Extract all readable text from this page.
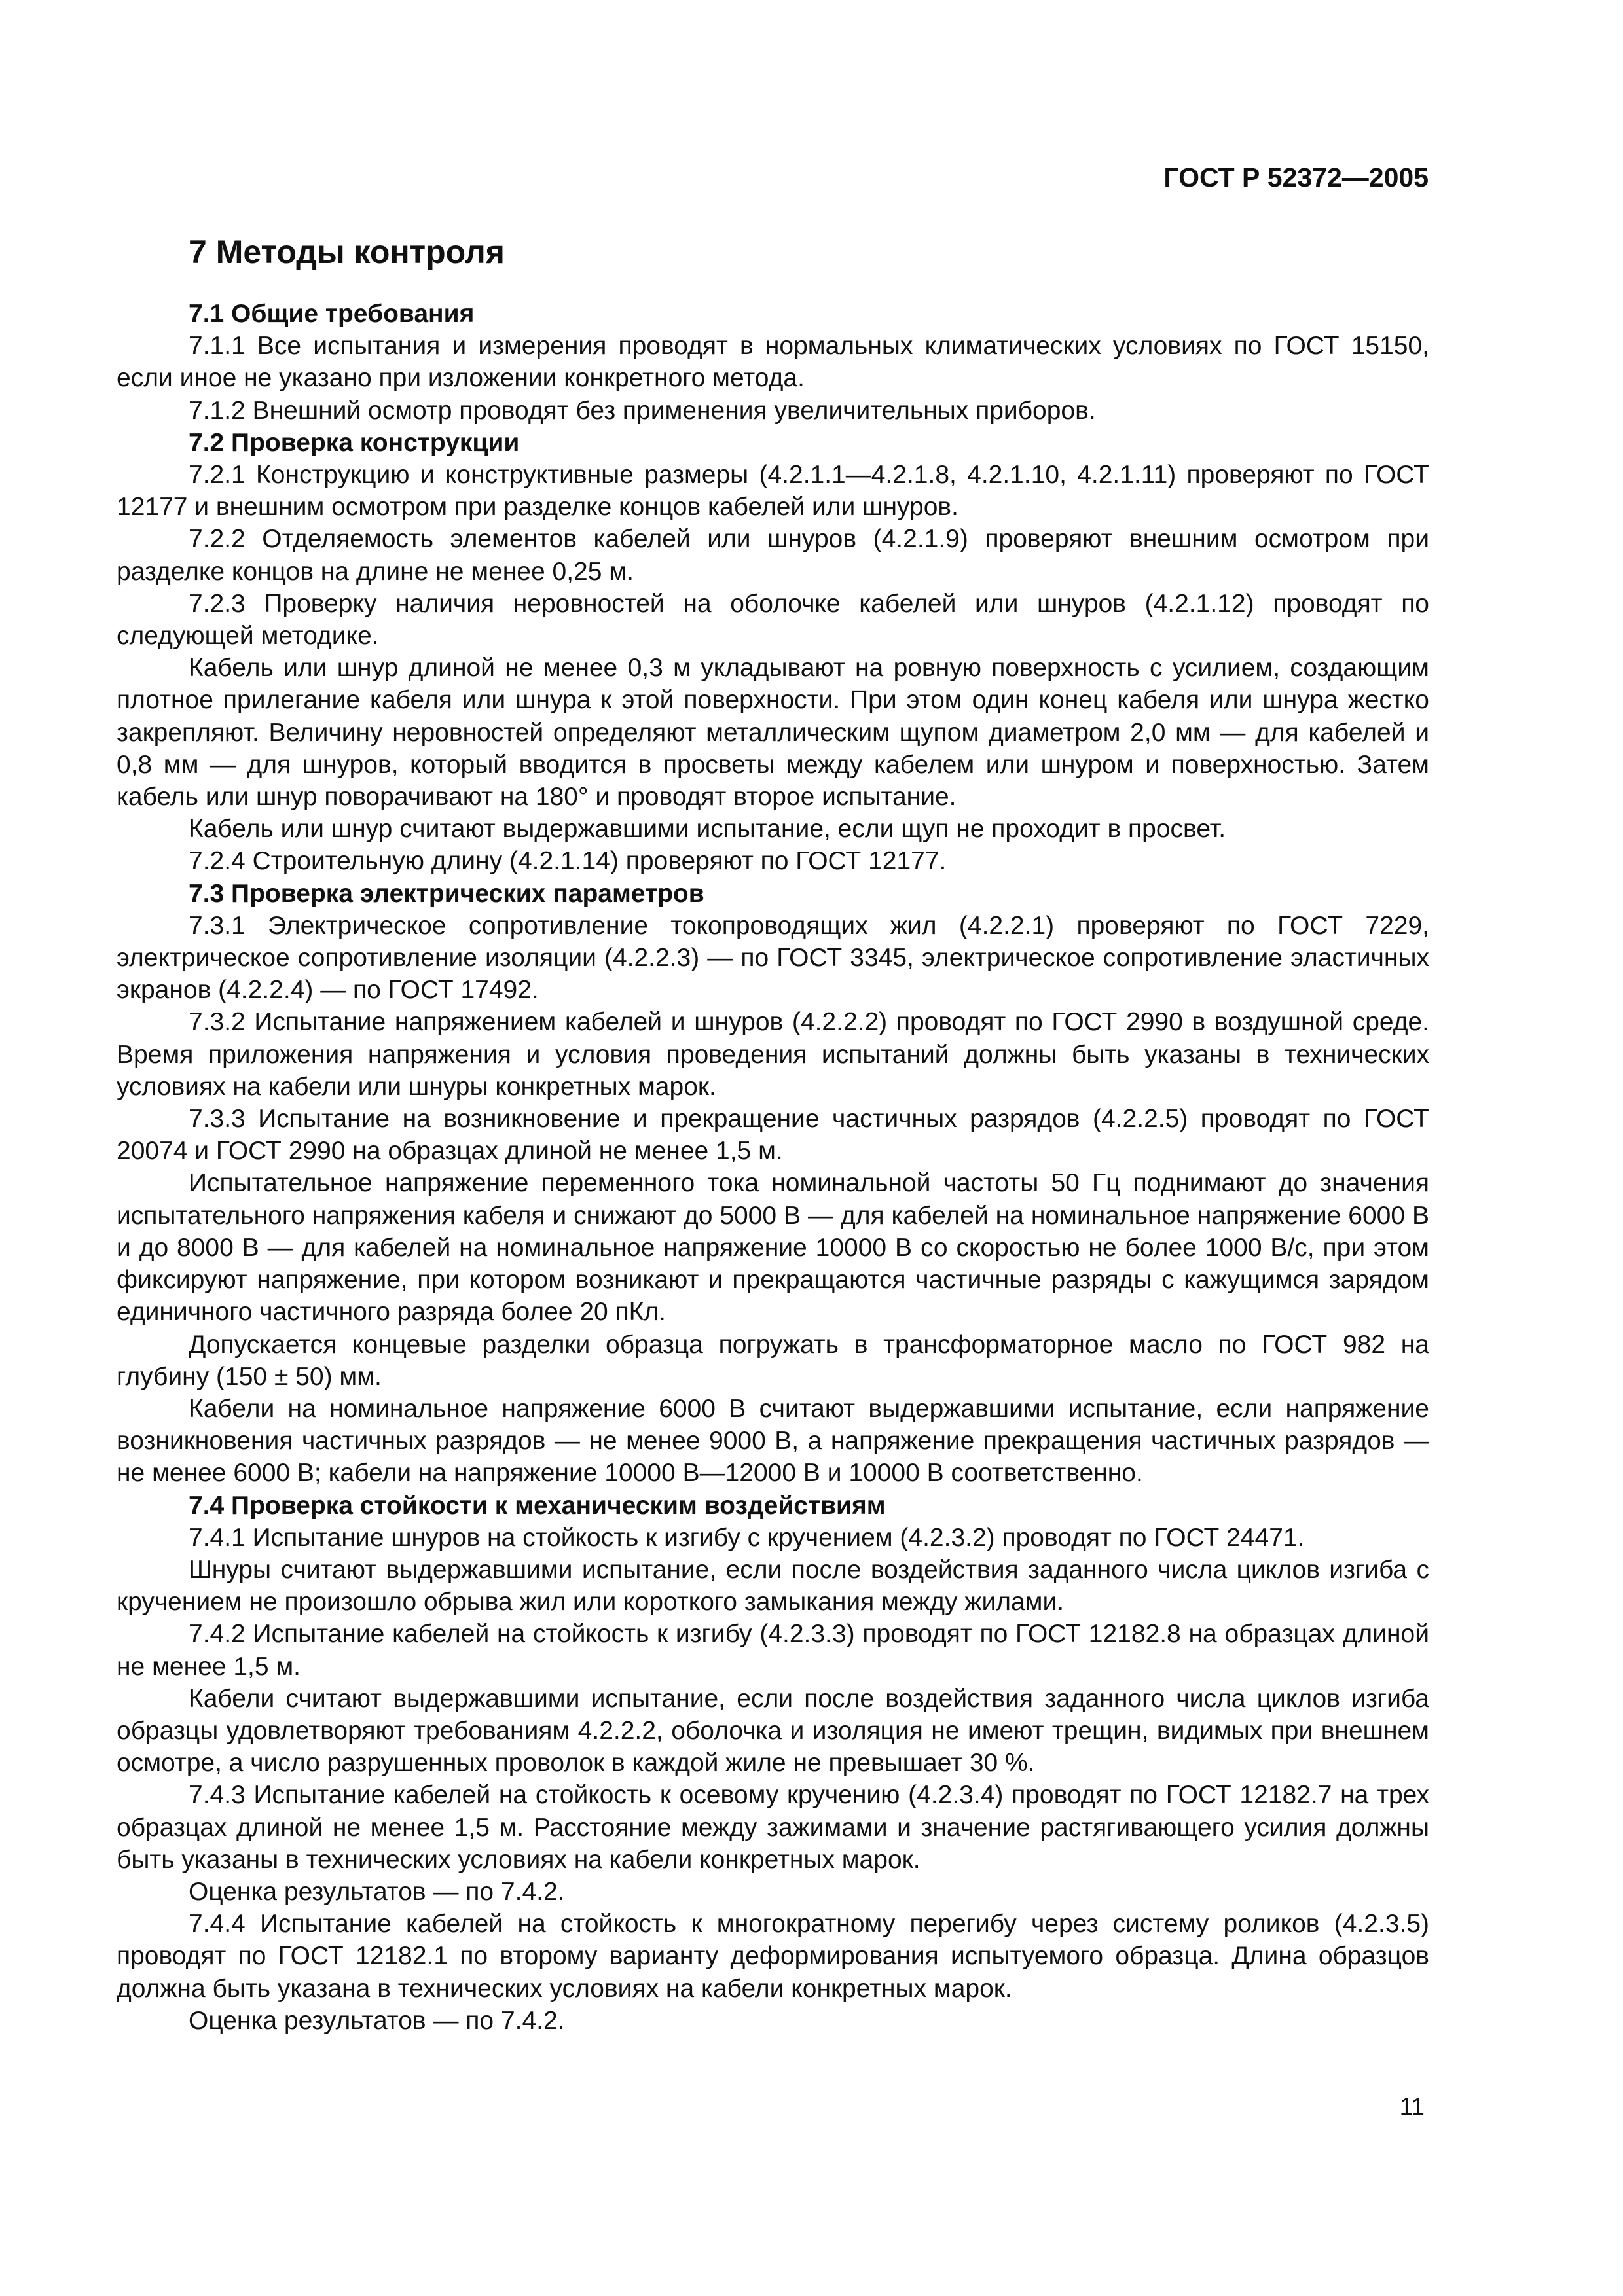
ГОСТ Р 52372—2005
7 Методы контроля

7.1 Общие требования

7.1.1 Все испытания и измерения проводят в нормальных климатических условиях по ГОСТ 15150, если иное не указано при изложении конкретного метода.

7.1.2 Внешний осмотр проводят без применения увеличительных приборов.

7.2 Проверка конструкции

7.2.1 Конструкцию и конструктивные размеры (4.2.1.1—4.2.1.8, 4.2.1.10, 4.2.1.11) проверяют по ГОСТ 12177 и внешним осмотром при разделке концов кабелей или шнуров.

7.2.2 Отделяемость элементов кабелей или шнуров (4.2.1.9) проверяют внешним осмотром при разделке концов на длине не менее 0,25 м.

7.2.3 Проверку наличия неровностей на оболочке кабелей или шнуров (4.2.1.12) проводят по следующей методике.

Кабель или шнур длиной не менее 0,3 м укладывают на ровную поверхность с усилием, создающим плотное прилегание кабеля или шнура к этой поверхности. При этом один конец кабеля или шнура жестко закрепляют. Величину неровностей определяют металлическим щупом диаметром 2,0 мм — для кабелей и 0,8 мм — для шнуров, который вводится в просветы между кабелем или шнуром и поверхностью. Затем кабель или шнур поворачивают на 180° и проводят второе испытание.

Кабель или шнур считают выдержавшими испытание, если щуп не проходит в просвет.

7.2.4 Строительную длину (4.2.1.14) проверяют по ГОСТ 12177.

7.3 Проверка электрических параметров

7.3.1 Электрическое сопротивление токопроводящих жил (4.2.2.1) проверяют по ГОСТ 7229, электрическое сопротивление изоляции (4.2.2.3) — по ГОСТ 3345, электрическое сопротивление эластичных экранов (4.2.2.4) — по ГОСТ 17492.

7.3.2 Испытание напряжением кабелей и шнуров (4.2.2.2) проводят по ГОСТ 2990 в воздушной среде. Время приложения напряжения и условия проведения испытаний должны быть указаны в технических условиях на кабели или шнуры конкретных марок.

7.3.3 Испытание на возникновение и прекращение частичных разрядов (4.2.2.5) проводят по ГОСТ 20074 и ГОСТ 2990 на образцах длиной не менее 1,5 м.

Испытательное напряжение переменного тока номинальной частоты 50 Гц поднимают до значения испытательного напряжения кабеля и снижают до 5000 В — для кабелей на номинальное напряжение 6000 В и до 8000 В — для кабелей на номинальное напряжение 10000 В со скоростью не более 1000 В/с, при этом фиксируют напряжение, при котором возникают и прекращаются частичные разряды с кажущимся зарядом единичного частичного разряда более 20 пКл.

Допускается концевые разделки образца погружать в трансформаторное масло по ГОСТ 982 на глубину (150 ± 50) мм.

Кабели на номинальное напряжение 6000 В считают выдержавшими испытание, если напряжение возникновения частичных разрядов — не менее 9000 В, а напряжение прекращения частичных разрядов — не менее 6000 В; кабели на напряжение 10000 В—12000 В и 10000 В соответственно.

7.4 Проверка стойкости к механическим воздействиям

7.4.1 Испытание шнуров на стойкость к изгибу с кручением (4.2.3.2) проводят по ГОСТ 24471.

Шнуры считают выдержавшими испытание, если после воздействия заданного числа циклов изгиба с кручением не произошло обрыва жил или короткого замыкания между жилами.

7.4.2 Испытание кабелей на стойкость к изгибу (4.2.3.3) проводят по ГОСТ 12182.8 на образцах длиной не менее 1,5 м.

Кабели считают выдержавшими испытание, если после воздействия заданного числа циклов изгиба образцы удовлетворяют требованиям 4.2.2.2, оболочка и изоляция не имеют трещин, видимых при внешнем осмотре, а число разрушенных проволок в каждой жиле не превышает 30 %.

7.4.3 Испытание кабелей на стойкость к осевому кручению (4.2.3.4) проводят по ГОСТ 12182.7 на трех образцах длиной не менее 1,5 м. Расстояние между зажимами и значение растягивающего усилия должны быть указаны в технических условиях на кабели конкретных марок.

Оценка результатов — по 7.4.2.

7.4.4 Испытание кабелей на стойкость к многократному перегибу через систему роликов (4.2.3.5) проводят по ГОСТ 12182.1 по второму варианту деформирования испытуемого образца. Длина образцов должна быть указана в технических условиях на кабели конкретных марок.

Оценка результатов — по 7.4.2.

11
